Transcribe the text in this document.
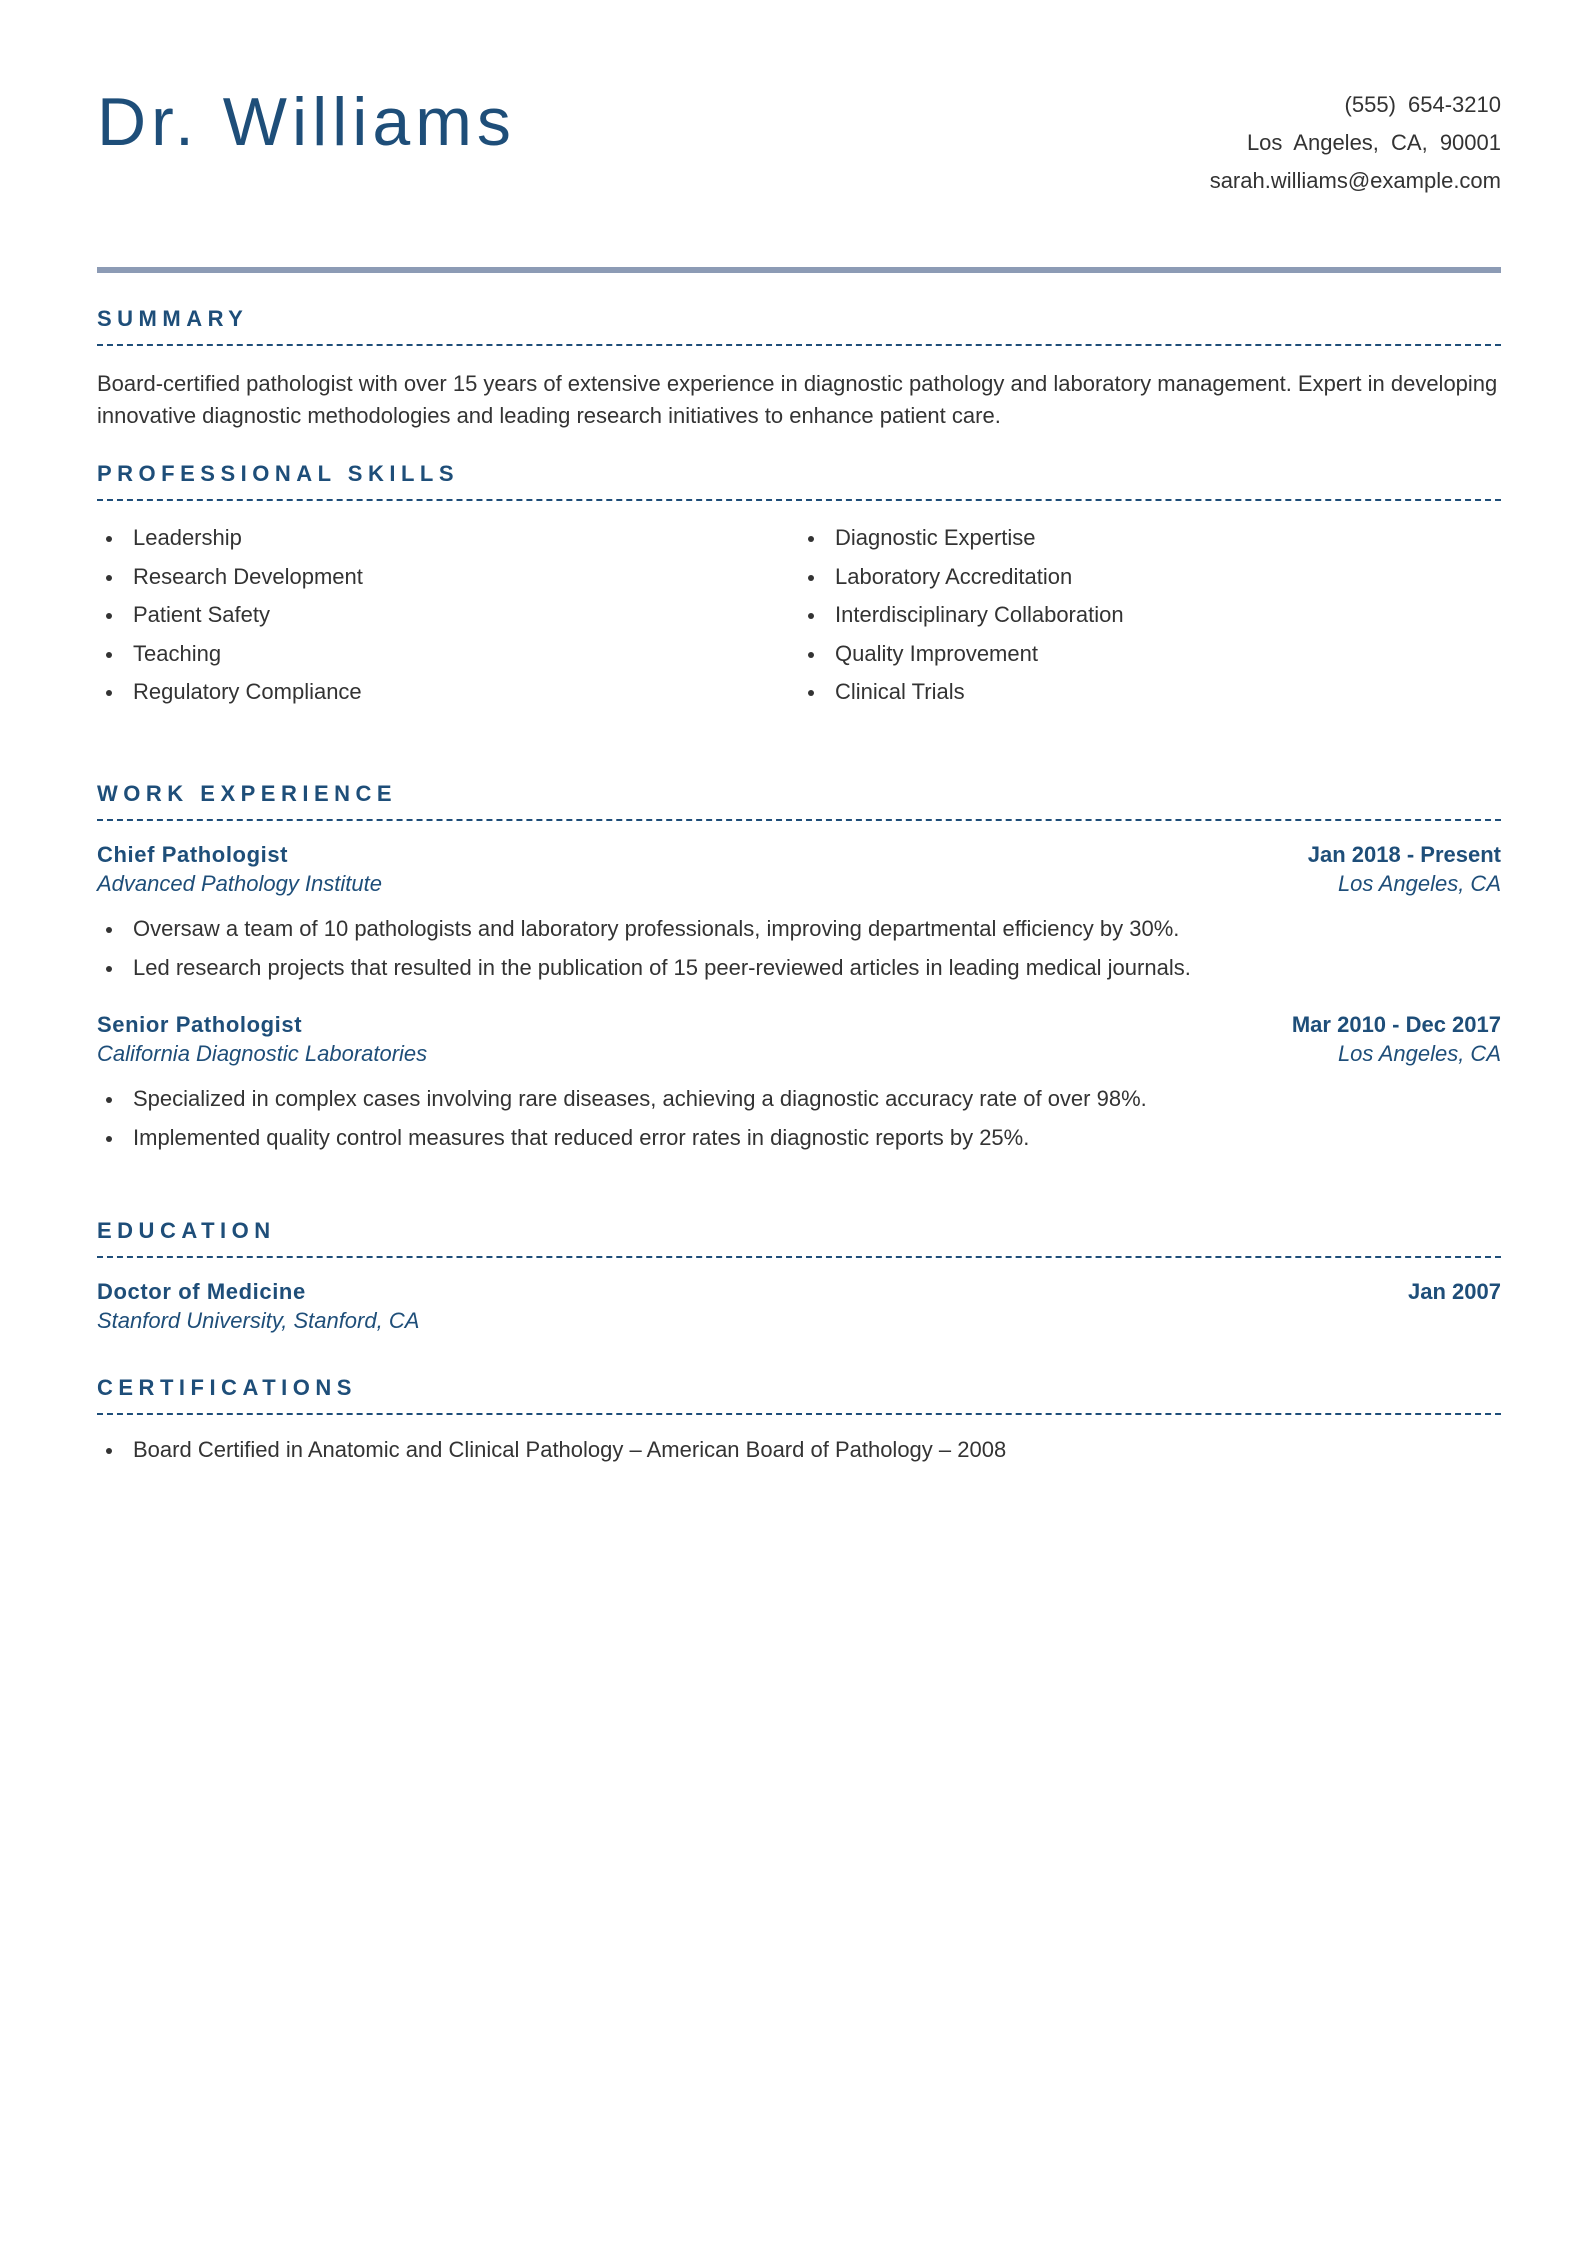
Dr. Williams	(555) 654-3210
Los Angeles, CA, 90001
sarah.williams@example.com
SUMMARY

Board-certified pathologist with over 15 years of extensive experience in diagnostic pathology and laboratory management. Expert in developing innovative diagnostic methodologies and leading research initiatives to enhance patient care.

PROFESSIONAL SKILLS
Leadership
Research Development
Patient Safety
Teaching
Regulatory Compliance
Diagnostic Expertise
Laboratory Accreditation
Interdisciplinary Collaboration
Quality Improvement
Clinical Trials
WORK EXPERIENCE
Chief Pathologist	Jan 2018 - Present
Advanced Pathology Institute	Los Angeles, CA
Oversaw a team of 10 pathologists and laboratory professionals, improving departmental efficiency by 30%.
Led research projects that resulted in the publication of 15 peer-reviewed articles in leading medical journals.
Senior Pathologist	Mar 2010 - Dec 2017
California Diagnostic Laboratories	Los Angeles, CA
Specialized in complex cases involving rare diseases, achieving a diagnostic accuracy rate of over 98%.
Implemented quality control measures that reduced error rates in diagnostic reports by 25%.
EDUCATION
Doctor of Medicine	Jan 2007
Stanford University, Stanford, CA
CERTIFICATIONS
Board Certified in Anatomic and Clinical Pathology – American Board of Pathology – 2008
